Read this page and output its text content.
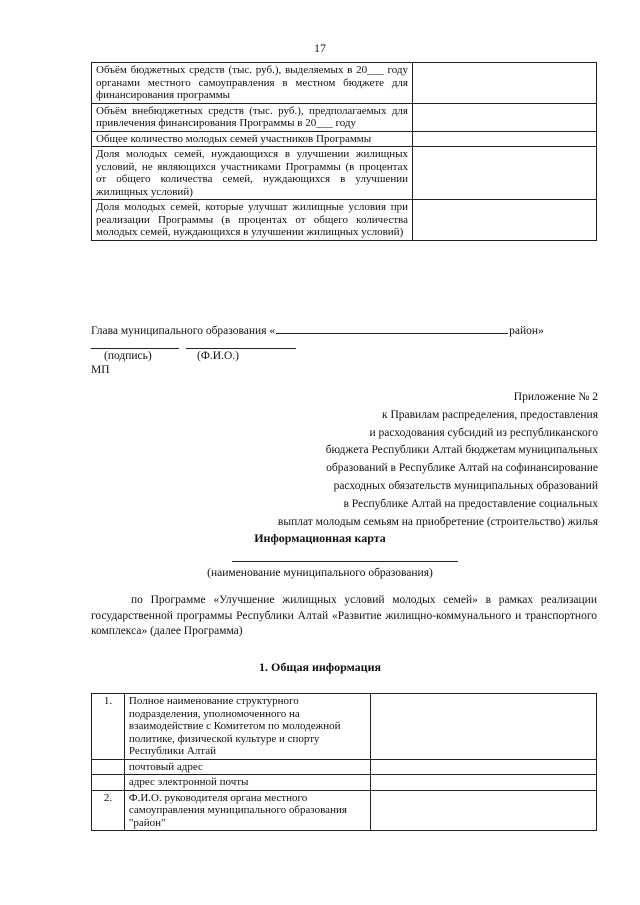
17
Объём бюджетных средств (тыс. руб.), выделяемых в 20___ году органами местного самоуправления в местном бюджете для финансирования программы	
Объём внебюджетных средств (тыс. руб.), предполагаемых для привлечения финансирования Программы в 20___ году	
Общее количество молодых семей участников Программы	
Доля молодых семей, нуждающихся в улучшении жилищных условий, не являющихся участниками Программы (в процентах от общего количества семей, нуждающихся в улучшении жилищных условий)	
Доля молодых семей, которые улучшат жилищные условия при реализации Программы (в процентах от общего количества молодых семей, нуждающихся в улучшении жилищных условий)	
Глава муниципального образования «	район»
(подпись)	(Ф.И.О.)
МП
Приложение № 2
к Правилам распределения, предоставления
и расходования субсидий из республиканского
бюджета Республики Алтай бюджетам муниципальных
образований в Республике Алтай на софинансирование
расходных обязательств муниципальных образований
в Республике Алтай на предоставление социальных
выплат молодым семьям на приобретение (строительство) жилья
Информационная карта
(наименование муниципального образования)
по Программе «Улучшение жилищных условий молодых семей» в рамках реализации государственной программы Республики Алтай «Развитие жилищно-коммунального и транспортного комплекса» (далее Программа)
1. Общая информация
1.	Полное наименование структурного подразделения, уполномоченного на взаимодействие с Комитетом по молодежной политике, физической культуре и спорту Республики Алтай	
	почтовый адрес	
	адрес электронной почты	
2.	Ф.И.О. руководителя органа местного самоуправления муниципального образования "район"	
